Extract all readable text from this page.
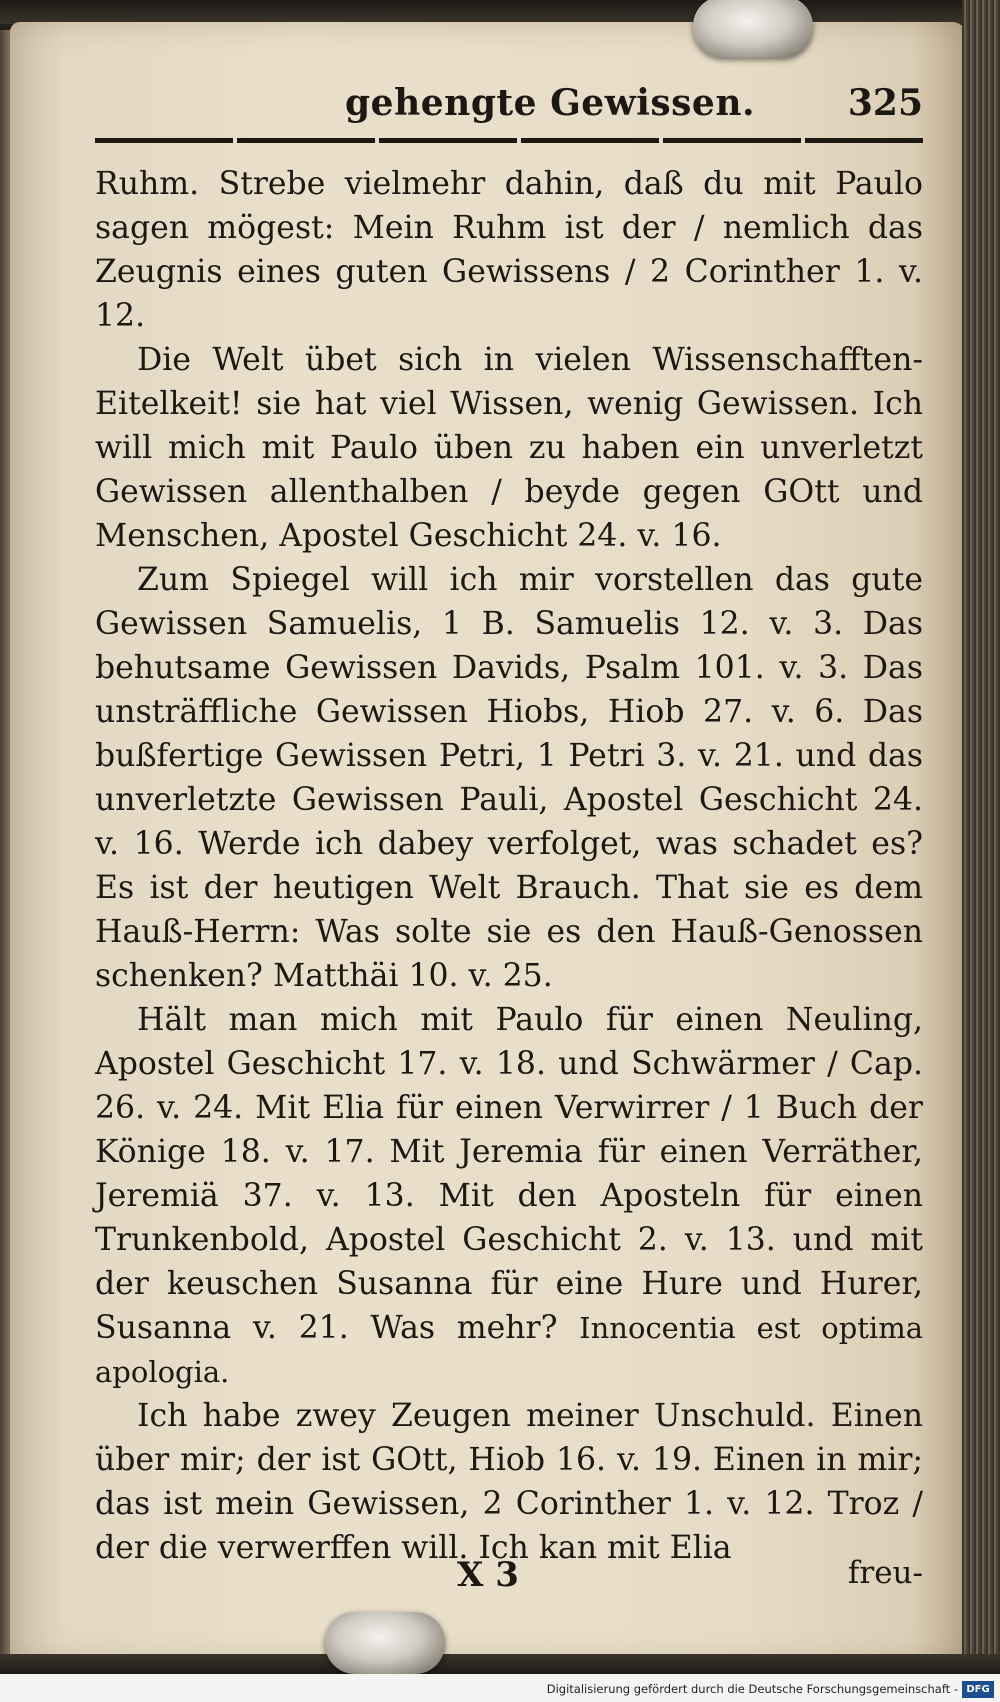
gehengte Gewissen.	325

Ruhm. Strebe vielmehr dahin, daß du mit Paulo sagen mögest: Mein Ruhm ist der / nemlich das Zeugnis eines guten Gewissens / 2 Corinther 1. v. 12.

Die Welt übet sich in vielen Wissenschafften-Eitelkeit! sie hat viel Wissen, wenig Gewissen. Ich will mich mit Paulo üben zu haben ein unverletzt Gewissen allenthalben / beyde gegen GOtt und Menschen, Apostel Geschicht 24. v. 16.

Zum Spiegel will ich mir vorstellen das gute Gewissen Samuelis, 1 B. Samuelis 12. v. 3. Das behutsame Gewissen Davids, Psalm 101. v. 3. Das unsträffliche Gewissen Hiobs, Hiob 27. v. 6. Das bußfertige Gewissen Petri, 1 Petri 3. v. 21. und das unverletzte Gewissen Pauli, Apostel Geschicht 24. v. 16. Werde ich dabey verfolget, was schadet es? Es ist der heutigen Welt Brauch. That sie es dem Hauß-Herrn: Was solte sie es den Hauß-Genossen schenken? Matthäi 10. v. 25.

Hält man mich mit Paulo für einen Neuling, Apostel Geschicht 17. v. 18. und Schwärmer / Cap. 26. v. 24. Mit Elia für einen Verwirrer / 1 Buch der Könige 18. v. 17. Mit Jeremia für einen Verräther, Jeremiä 37. v. 13. Mit den Aposteln für einen Trunkenbold, Apostel Geschicht 2. v. 13. und mit der keuschen Susanna für eine Hure und Hurer, Susanna v. 21. Was mehr? Innocentia est optima apologia.

Ich habe zwey Zeugen meiner Unschuld. Einen über mir; der ist GOtt, Hiob 16. v. 19. Einen in mir; das ist mein Gewissen, 2 Corinther 1. v. 12. Troz / der die verwerffen will. Ich kan mit Elia

X 3	freu-
Digitalisierung gefördert durch die Deutsche Forschungsgemeinschaft - DFG
